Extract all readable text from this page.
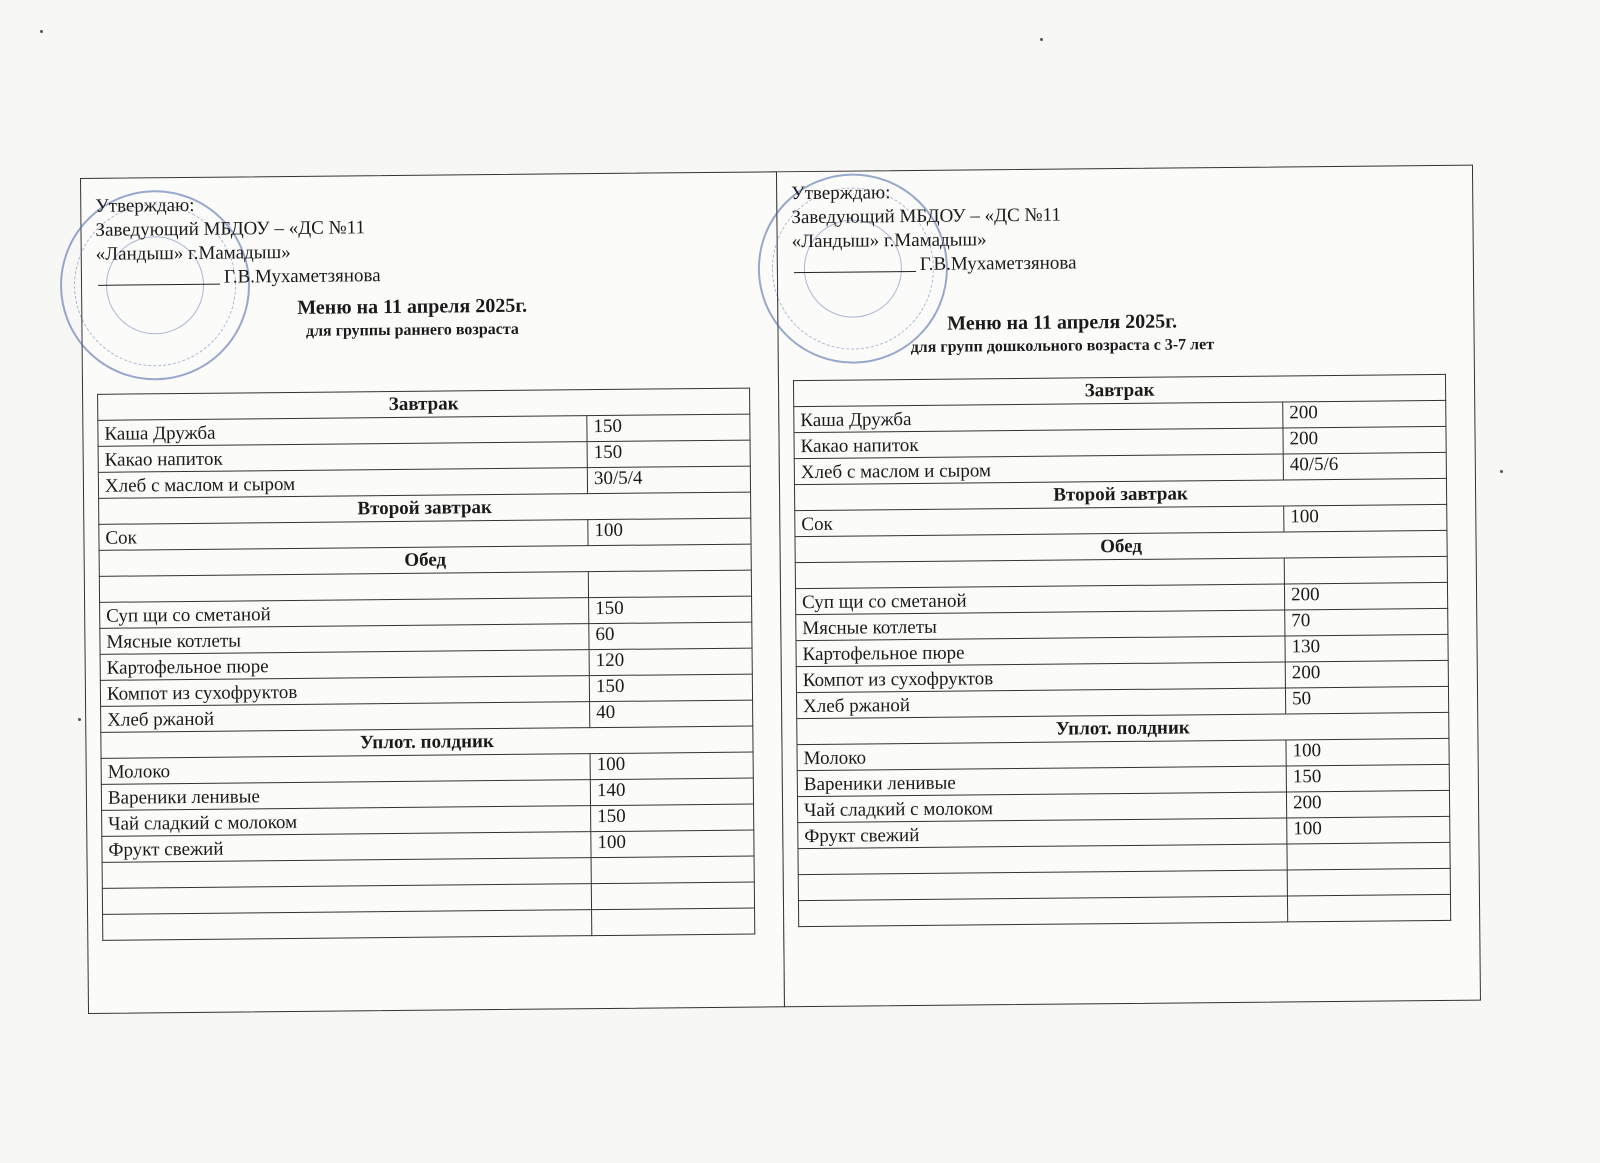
Утверждаю:
Заведующий МБДОУ – «ДС №11
«Ландыш» г.Мамадыш»
Г.В.Мухаметзянова
Меню на 11 апреля 2025г.
для группы раннего возраста
Завтрак	
Каша Дружба	150
Какао напиток	150
Хлеб с маслом и сыром	30/5/4
Второй завтрак	
Сок	100
Обед	

Суп щи со сметаной	150
Мясные котлеты	60
Картофельное пюре	120
Компот из сухофруктов	150
Хлеб ржаной	40
Уплот. полдник	
Молоко	100
Вареники ленивые	140
Чай сладкий с молоком	150
Фрукт свежий	100

Утверждаю:
Заведующий МБДОУ – «ДС №11
«Ландыш» г.Мамадыш»
Г.В.Мухаметзянова
Меню на 11 апреля 2025г.
для групп дошкольного возраста с 3-7 лет
Завтрак	
Каша Дружба	200
Какао напиток	200
Хлеб с маслом и сыром	40/5/6
Второй завтрак	
Сок	100
Обед	

Суп щи со сметаной	200
Мясные котлеты	70
Картофельное пюре	130
Компот из сухофруктов	200
Хлеб ржаной	50
Уплот. полдник	
Молоко	100
Вареники ленивые	150
Чай сладкий с молоком	200
Фрукт свежий	100
